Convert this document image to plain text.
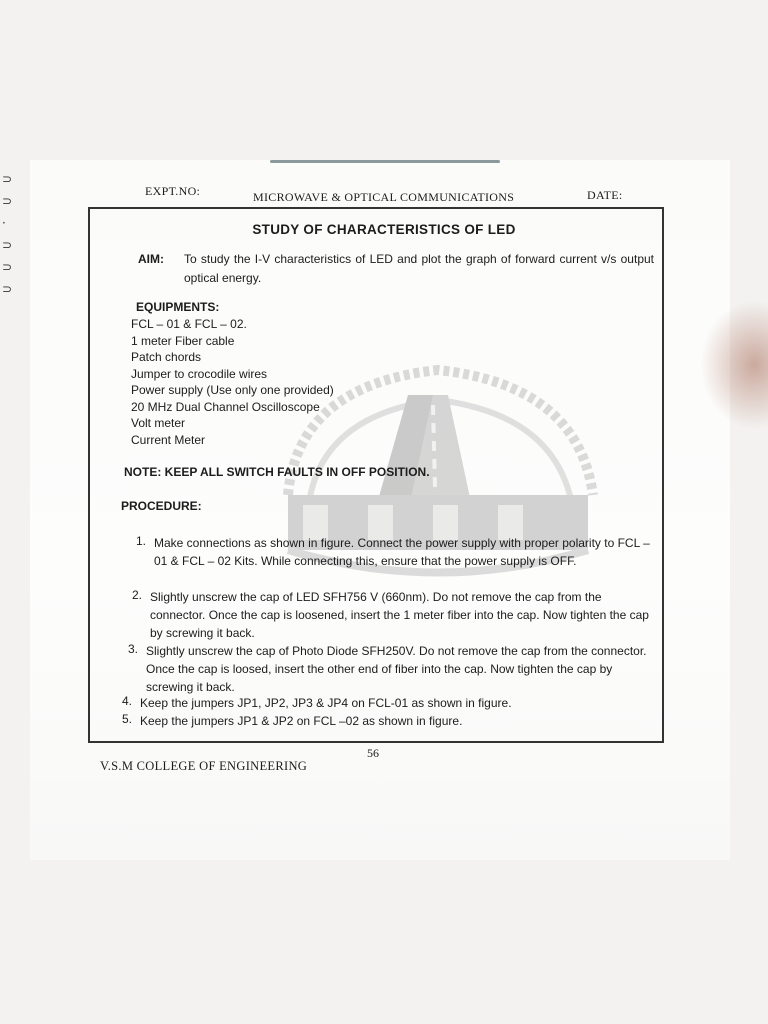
⊃
⊃
·
⊃
⊃
⊃
EXPT.NO:	MICROWAVE & OPTICAL COMMUNICATIONS	DATE:
STUDY OF CHARACTERISTICS OF LED
AIM: To study the I-V characteristics of LED and plot the graph of forward current v/s output optical energy.
EQUIPMENTS:
FCL – 01 & FCL – 02.
1 meter Fiber cable
Patch chords
Jumper to crocodile wires
Power supply (Use only one provided)
20 MHz Dual Channel Oscilloscope
Volt meter
Current Meter
NOTE: KEEP ALL SWITCH FAULTS IN OFF POSITION.
PROCEDURE:
1. Make connections as shown in figure. Connect the power supply with proper polarity to FCL – 01 & FCL – 02 Kits. While connecting this, ensure that the power supply is OFF.
2. Slightly unscrew the cap of LED SFH756 V (660nm). Do not remove the cap from the connector. Once the cap is loosened, insert the 1 meter fiber into the cap. Now tighten the cap by screwing it back.
3. Slightly unscrew the cap of Photo Diode SFH250V. Do not remove the cap from the connector. Once the cap is loosed, insert the other end of fiber into the cap. Now tighten the cap by screwing it back.
4. Keep the jumpers JP1, JP2, JP3 & JP4 on FCL-01 as shown in figure.
5. Keep the jumpers JP1 & JP2 on FCL –02 as shown in figure.
56
V.S.M COLLEGE OF ENGINEERING
